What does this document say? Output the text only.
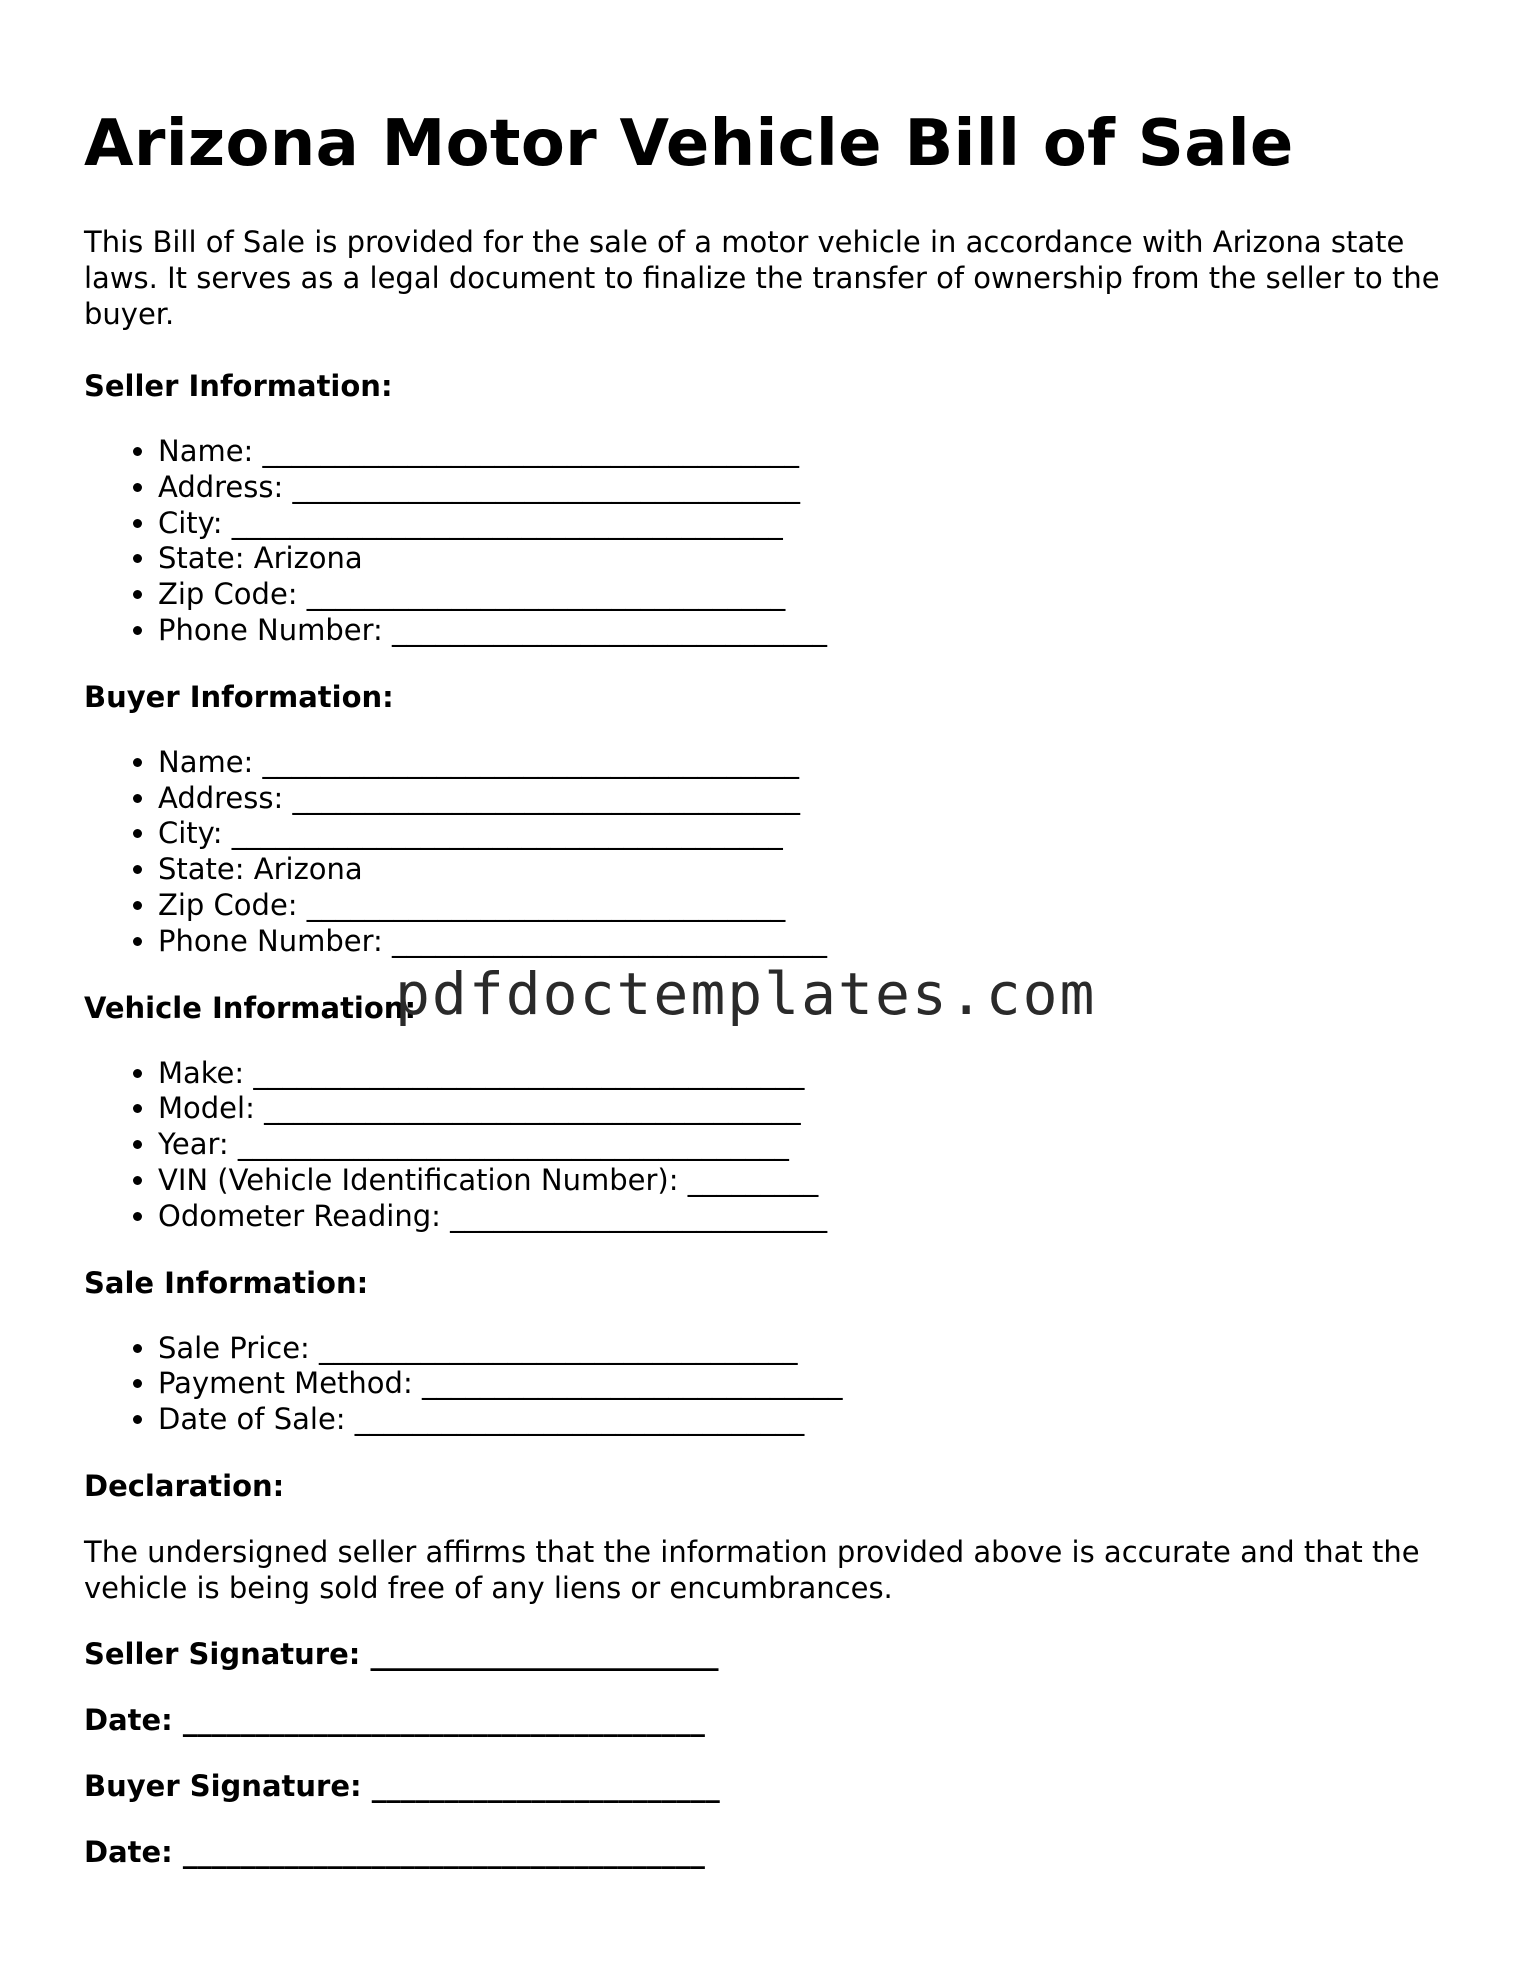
Arizona Motor Vehicle Bill of Sale

This Bill of Sale is provided for the sale of a motor vehicle in accordance with Arizona state laws. It serves as a legal document to finalize the transfer of ownership from the seller to the buyer.

Seller Information:

• Name: _____________________________________
• Address: ___________________________________
• City: ______________________________________
• State: Arizona
• Zip Code: _________________________________
• Phone Number: ______________________________

Buyer Information:

• Name: _____________________________________
• Address: ___________________________________
• City: ______________________________________
• State: Arizona
• Zip Code: _________________________________
• Phone Number: ______________________________

Vehicle Information:

• Make: ______________________________________
• Model: _____________________________________
• Year: ______________________________________
• VIN (Vehicle Identification Number): _________
• Odometer Reading: __________________________

Sale Information:

• Sale Price: _________________________________
• Payment Method: _____________________________
• Date of Sale: _______________________________

Declaration:

The undersigned seller affirms that the information provided above is accurate and that the vehicle is being sold free of any liens or encumbrances.

Seller Signature: ________________________

Date: ____________________________________

Buyer Signature: ________________________

Date: ____________________________________

pdfdoctemplates.com
